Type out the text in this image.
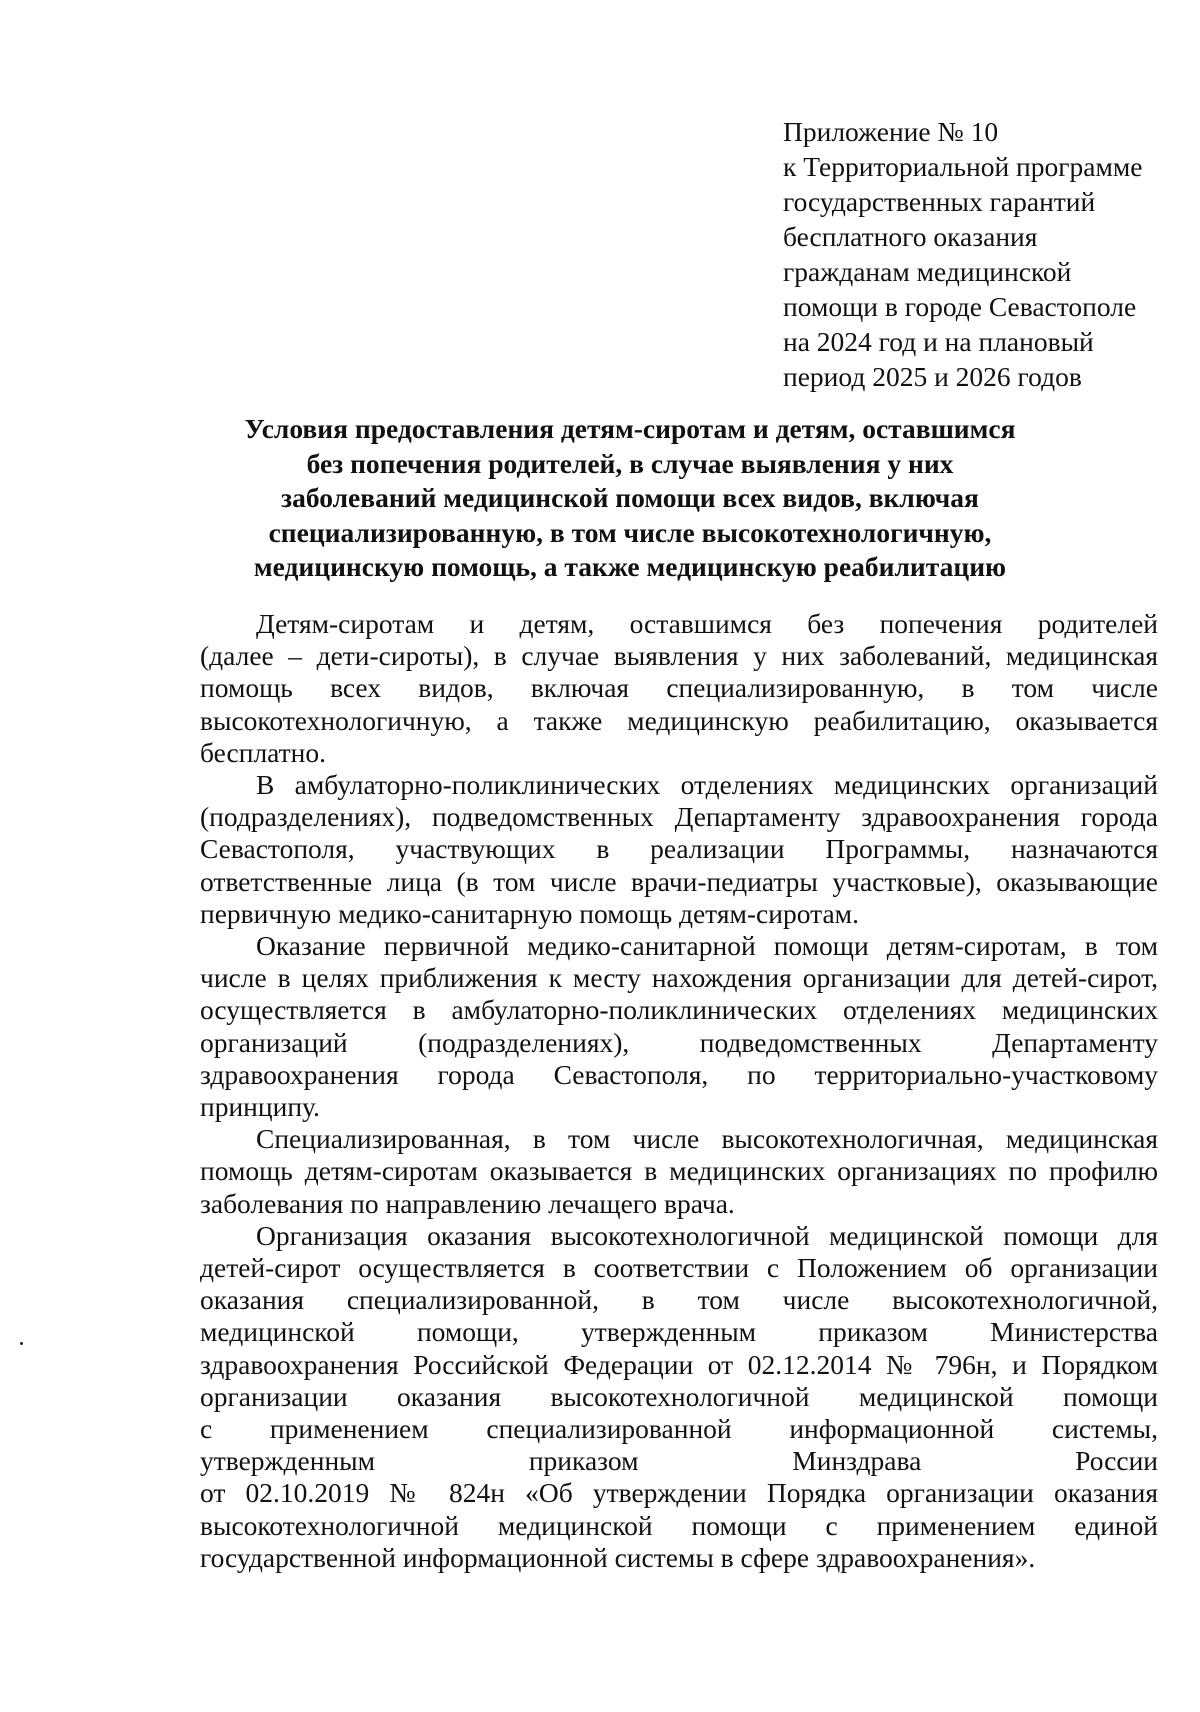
Приложение № 10
к Территориальной программе
государственных гарантий
бесплатного оказания
гражданам медицинской
помощи в городе Севастополе
на 2024 год и на плановый
период 2025 и 2026 годов
Условия предоставления детям-сиротам и детям, оставшимся
без попечения родителей, в случае выявления у них
заболеваний медицинской помощи всех видов, включая
специализированную, в том числе высокотехнологичную,
медицинскую помощь, а также медицинскую реабилитацию
Детям-сиротам и детям, оставшимся без попечения родителей
(далее – дети-сироты), в случае выявления у них заболеваний, медицинская
помощь всех видов, включая специализированную, в том числе
высокотехнологичную, а также медицинскую реабилитацию, оказывается
бесплатно.
В амбулаторно-поликлинических отделениях медицинских организаций
(подразделениях), подведомственных Департаменту здравоохранения города
Севастополя, участвующих в реализации Программы, назначаются
ответственные лица (в том числе врачи-педиатры участковые), оказывающие
первичную медико-санитарную помощь детям-сиротам.
Оказание первичной медико-санитарной помощи детям-сиротам, в том
числе в целях приближения к месту нахождения организации для детей-сирот,
осуществляется в амбулаторно-поликлинических отделениях медицинских
организаций (подразделениях), подведомственных Департаменту
здравоохранения города Севастополя, по территориально-участковому
принципу.
Специализированная, в том числе высокотехнологичная, медицинская
помощь детям-сиротам оказывается в медицинских организациях по профилю
заболевания по направлению лечащего врача.
Организация оказания высокотехнологичной медицинской помощи для
детей-сирот осуществляется в соответствии с Положением об организации
оказания специализированной, в том числе высокотехнологичной,
медицинской помощи, утвержденным приказом Министерства
здравоохранения Российской Федерации от 02.12.2014 № 796н, и Порядком
организации оказания высокотехнологичной медицинской помощи
с применением специализированной информационной системы,
утвержденным приказом Минздрава России
от 02.10.2019 № 824н «Об утверждении Порядка организации оказания
высокотехнологичной медицинской помощи с применением единой
государственной информационной системы в сфере здравоохранения».
